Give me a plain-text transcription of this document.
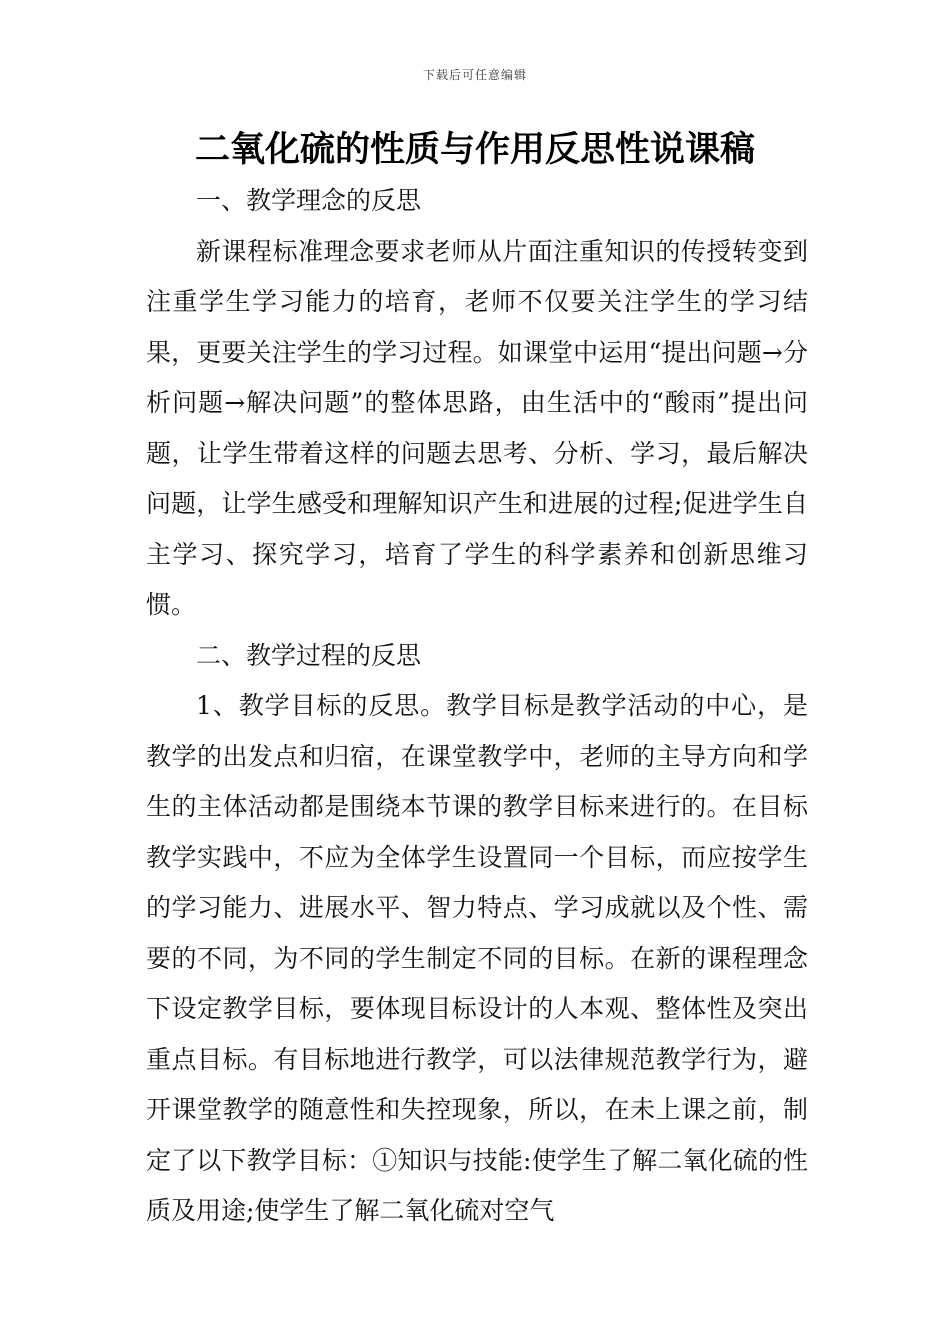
下载后可任意编辑
二氧化硫的性质与作用反思性说课稿

一、教学理念的反思

新课程标准理念要求老师从片面注重知识的传授转变到注重学生学习能力的培育，老师不仅要关注学生的学习结果，更要关注学生的学习过程。如课堂中运用“提出问题→分析问题→解决问题”的整体思路，由生活中的“酸雨”提出问题，让学生带着这样的问题去思考、分析、学习，最后解决问题，让学生感受和理解知识产生和进展的过程;促进学生自主学习、探究学习，培育了学生的科学素养和创新思维习惯。

二、教学过程的反思

1、教学目标的反思。教学目标是教学活动的中心，是教学的出发点和归宿，在课堂教学中，老师的主导方向和学生的主体活动都是围绕本节课的教学目标来进行的。在目标教学实践中，不应为全体学生设置同一个目标，而应按学生的学习能力、进展水平、智力特点、学习成就以及个性、需要的不同，为不同的学生制定不同的目标。在新的课程理念下设定教学目标，要体现目标设计的人本观、整体性及突出重点目标。有目标地进行教学，可以法律规范教学行为，避开课堂教学的随意性和失控现象，所以，在未上课之前，制定了以下教学目标：①知识与技能:使学生了解二氧化硫的性质及用途;使学生了解二氧化硫对空气
